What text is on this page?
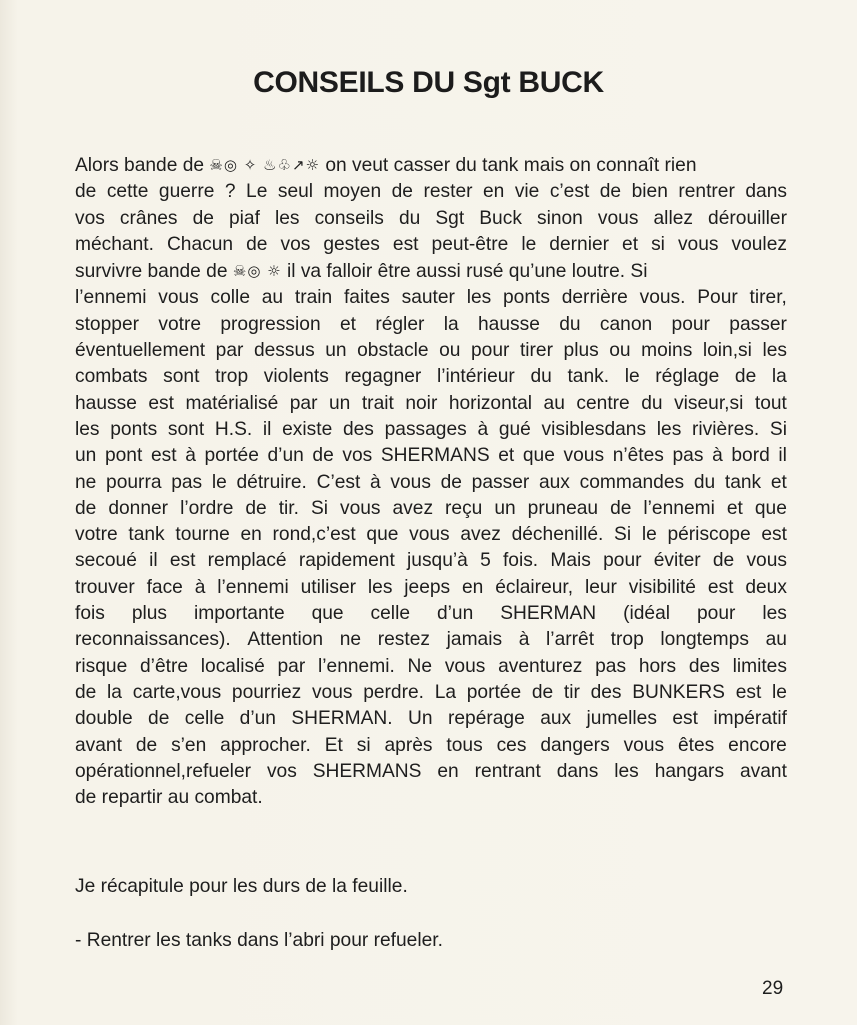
CONSEILS DU Sgt BUCK
Alors bande de ☠◎ ✧ ♨♧↗☼ on veut casser du tank mais on connaît rien
de cette guerre ? Le seul moyen de rester en vie c’est de bien rentrer dans
vos crânes de piaf les conseils du Sgt Buck sinon vous allez dérouiller
méchant. Chacun de vos gestes est peut-être le dernier et si vous voulez
survivre bande de ☠◎ ☼ il va falloir être aussi rusé qu’une loutre. Si
l’ennemi vous colle au train faites sauter les ponts derrière vous. Pour tirer,
stopper votre progression et régler la hausse du canon pour passer
éventuellement par dessus un obstacle ou pour tirer plus ou moins loin,si les
combats sont trop violents regagner l’intérieur du tank. le réglage de la
hausse est matérialisé par un trait noir horizontal au centre du viseur,si tout
les ponts sont H.S. il existe des passages à gué visiblesdans les rivières. Si
un pont est à portée d’un de vos SHERMANS et que vous n’êtes pas à bord il
ne pourra pas le détruire. C’est à vous de passer aux commandes du tank et
de donner l’ordre de tir. Si vous avez reçu un pruneau de l’ennemi et que
votre tank tourne en rond,c’est que vous avez déchenillé. Si le périscope est
secoué il est remplacé rapidement jusqu’à 5 fois. Mais pour éviter de vous
trouver face à l’ennemi utiliser les jeeps en éclaireur, leur visibilité est deux
fois plus importante que celle d’un SHERMAN (idéal pour les
reconnaissances). Attention ne restez jamais à l’arrêt trop longtemps au
risque d’être localisé par l’ennemi. Ne vous aventurez pas hors des limites
de la carte,vous pourriez vous perdre. La portée de tir des BUNKERS est le
double de celle d’un SHERMAN. Un repérage aux jumelles est impératif
avant de s’en approcher. Et si après tous ces dangers vous êtes encore
opérationnel,refueler vos SHERMANS en rentrant dans les hangars avant
de repartir au combat.
Je récapitule pour les durs de la feuille.
- Rentrer les tanks dans l’abri pour refueler.
29
